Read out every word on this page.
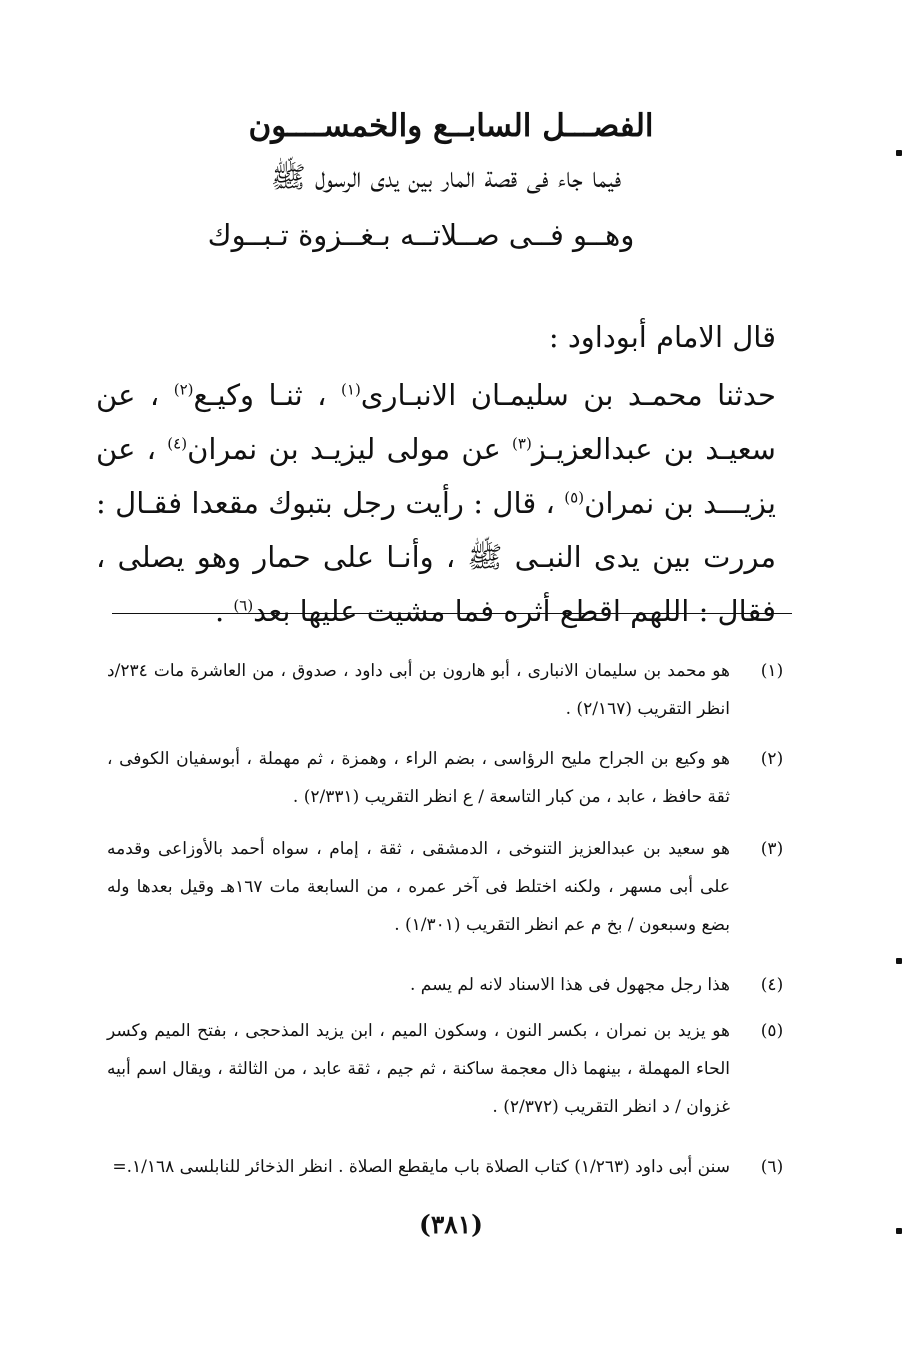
الفصـــل السابــع والخمســــون
فيما جاء فى قصة المار بين يدى الرسول ﷺ
وهــو فــى صــلاتــه بـغــزوة تـبــوك
قال الامام أبوداود :
حدثنا محمـد بن سليمـان الانبـارى$^{(١)}$ ، ثنـا وكيـع$^{(٢)}$ ، عن سعيـد بن عبدالعزيـز$^{(٣)}$ عن مولى ليزيـد بن نمران$^{(٤)}$ ، عن يزيـــد بن نمران$^{(٥)}$ ، قال : رأيت رجل بتبوك مقعدا فقـال : مررت بين يدى النبـى ﷺ ، وأنـا على حمار وهو يصلى ، فقال : اللهم اقطع أثره فما مشيت عليها بعد$^{(٦)}$ .
(١)
هو محمد بن سليمان الانبارى ، أبو هارون بن أبى داود ، صدوق ، من العاشرة مات ٢٣٤/د انظر التقريب (٢/١٦٧) .
(٢)
هو وكيع بن الجراح مليح الرؤاسى ، بضم الراء ، وهمزة ، ثم مهملة ، أبوسفيان الكوفى ، ثقة حافظ ، عابد ، من كبار التاسعة / ع انظر التقريب (٢/٣٣١) .
(٣)
هو سعيد بن عبدالعزيز التنوخى ، الدمشقى ، ثقة ، إمام ، سواه أحمد بالأوزاعى وقدمه على أبى مسهر ، ولكنه اختلط فى آخر عمره ، من السابعة مات ١٦٧هـ وقيل بعدها وله بضع وسبعون / بخ م عم انظر التقريب (١/٣٠١) .
(٤)
هذا رجل مجهول فى هذا الاسناد لانه لم يسم .
(٥)
هو يزيد بن نمران ، بكسر النون ، وسكون الميم ، ابن يزيد المذحجى ، بفتح الميم وكسر الحاء المهملة ، بينهما ذال معجمة ساكنة ، ثم جيم ، ثقة عابد ، من الثالثة ، ويقال اسم أبيه غزوان / د انظر التقريب (٢/٣٧٢) .
(٦)
سنن أبى داود (١/٢٦٣) كتاب الصلاة باب مايقطع الصلاة . انظر الذخائر للنابلسى ١/١٦٨.=
(٣٨١)
